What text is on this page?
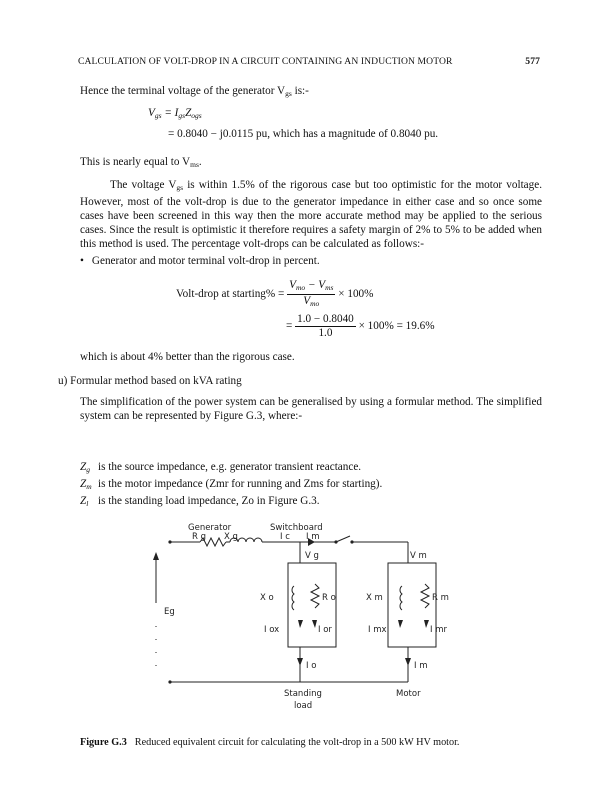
CALCULATION OF VOLT-DROP IN A CIRCUIT CONTAINING AN INDUCTION MOTOR	577
Hence the terminal voltage of the generator $V_{gs}$ is:-
$V_{gs} = I_{gs}Z_{ogs}$
= 0.8040 − j0.0115 pu, which has a magnitude of 0.8040 pu.
This is nearly equal to $V_{ms}$.
The voltage $V_{gs}$ is within 1.5% of the rigorous case but too optimistic for the motor voltage. However, most of the volt-drop is due to the generator impedance in either case and so once some cases have been screened in this way then the more accurate method may be applied to the serious cases. Since the result is optimistic it therefore requires a safety margin of 2% to 5% to be added when this method is used. The percentage volt-drops can be calculated as follows:-
• Generator and motor terminal volt-drop in percent.
Volt-drop at starting% = $\frac{V_{mo} - V_{ms}}{V_{mo}} \times 100\%$
= $\frac{1.0 - 0.8040}{1.0} \times 100\% = 19.6\%$
which is about 4% better than the rigorous case.
u) Formular method based on kVA rating
The simplification of the power system can be generalised by using a formular method. The simplified system can be represented by Figure G.3, where:-
$Z_g$ is the source impedance, e.g. generator transient reactance.
$Z_m$ is the motor impedance (Zmr for running and Zms for starting).
$Z_l$ is the standing load impedance, Zo in Figure G.3.
Generator	Switchboard
R g X g	I c I m
V g	V m
Eg
X o	R o	X m	R m
I ox	I or	I mx	I mr
I o	I m
Standing
load
Motor
Figure G.3 Reduced equivalent circuit for calculating the volt-drop in a 500 kW HV motor.
